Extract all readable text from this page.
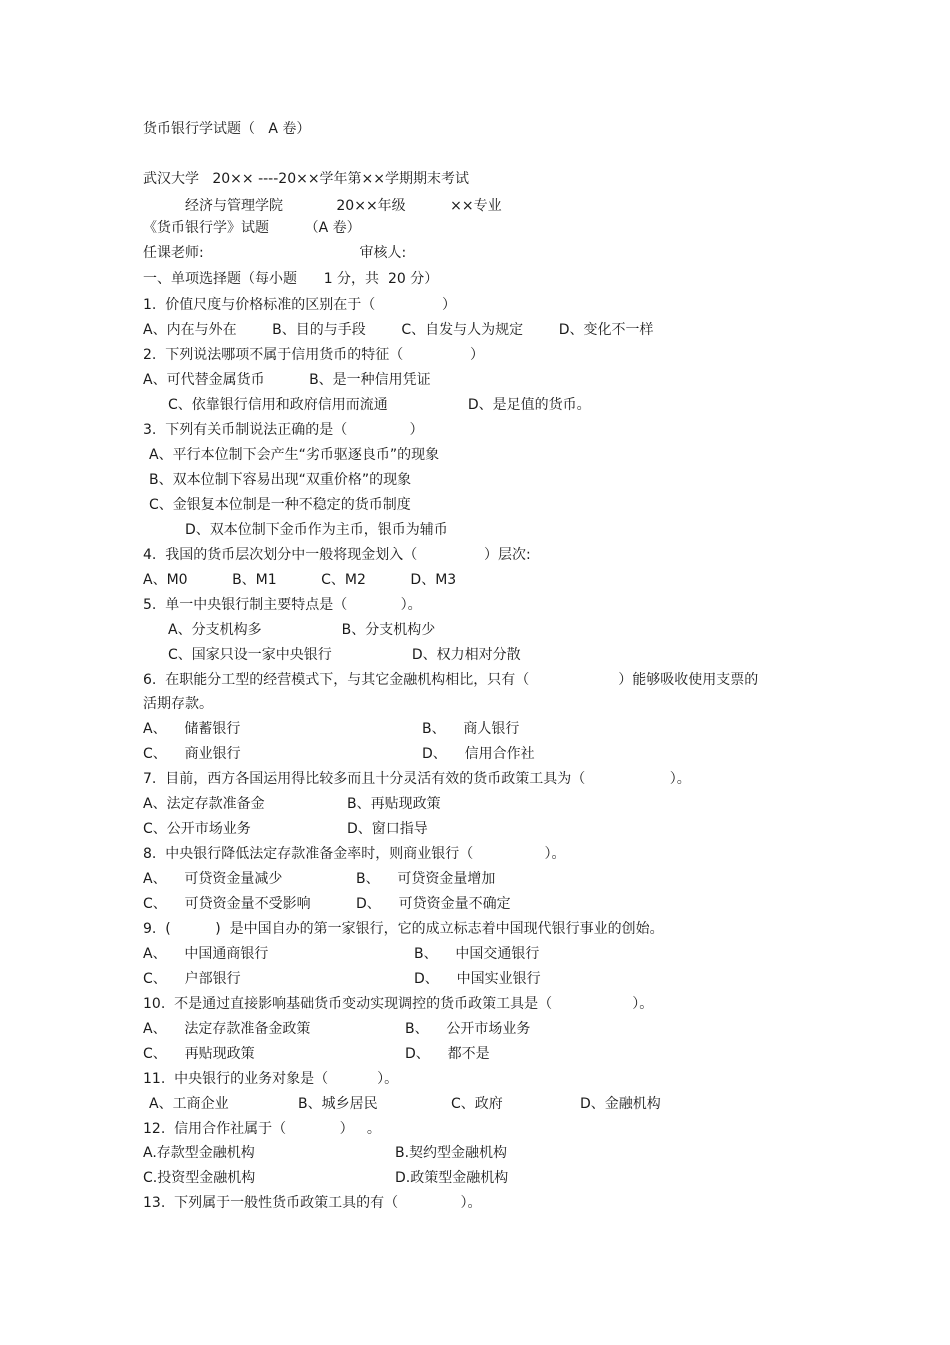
货币银行学试题（   A 卷）
武汉大学   20×× ----20××学年第××学期期末考试
经济与管理学院            20××年级          ××专业
《货币银行学》试题        （A 卷）
任课老师:                                   审核人:
一、单项选择题（每小题      1 分，共  20 分）
1.  价值尺度与价格标准的区别在于（               ）
A、内在与外在        B、目的与手段        C、自发与人为规定        D、变化不一样
2.  下列说法哪项不属于信用货币的特征（               ）
A、可代替金属货币          B、是一种信用凭证
C、依靠银行信用和政府信用而流通                  D、是足值的货币。
3.  下列有关币制说法正确的是（              ）
A、平行本位制下会产生“劣币驱逐良币”的现象
B、双本位制下容易出现“双重价格”的现象
C、金银复本位制是一种不稳定的货币制度
D、双本位制下金币作为主币，银币为辅币
4.  我国的货币层次划分中一般将现金划入（               ）层次:
A、M0          B、M1          C、M2          D、M3
5.  单一中央银行制主要特点是（            ）。
A、分支机构多                  B、分支机构少
C、国家只设一家中央银行                  D、权力相对分散
6.  在职能分工型的经营模式下，与其它金融机构相比，只有（                    ）能够吸收使用支票的
活期存款。
A、    储蓄银行	B、    商人银行
C、    商业银行	D、    信用合作社
7.  目前，西方各国运用得比较多而且十分灵活有效的货币政策工具为（                   ）。
A、法定存款准备金	B、再贴现政策
C、公开市场业务	D、窗口指导
8.  中央银行降低法定存款准备金率时，则商业银行（                ）。
A、    可贷资金量减少	B、    可贷资金量增加
C、    可贷资金量不受影响	D、    可贷资金量不确定
9.  (          )  是中国自办的第一家银行，它的成立标志着中国现代银行事业的创始。
A、    中国通商银行	B、    中国交通银行
C、    户部银行	D、    中国实业银行
10.  不是通过直接影响基础货币变动实现调控的货币政策工具是（                  ）。
A、    法定存款准备金政策	B、    公开市场业务
C、    再贴现政策	D、    都不是
11.  中央银行的业务对象是（           ）。
A、工商企业	B、城乡居民	C、政府	D、金融机构
12.  信用合作社属于（            ）   。
A.存款型金融机构	B.契约型金融机构
C.投资型金融机构	D.政策型金融机构
13.  下列属于一般性货币政策工具的有（              ）。
